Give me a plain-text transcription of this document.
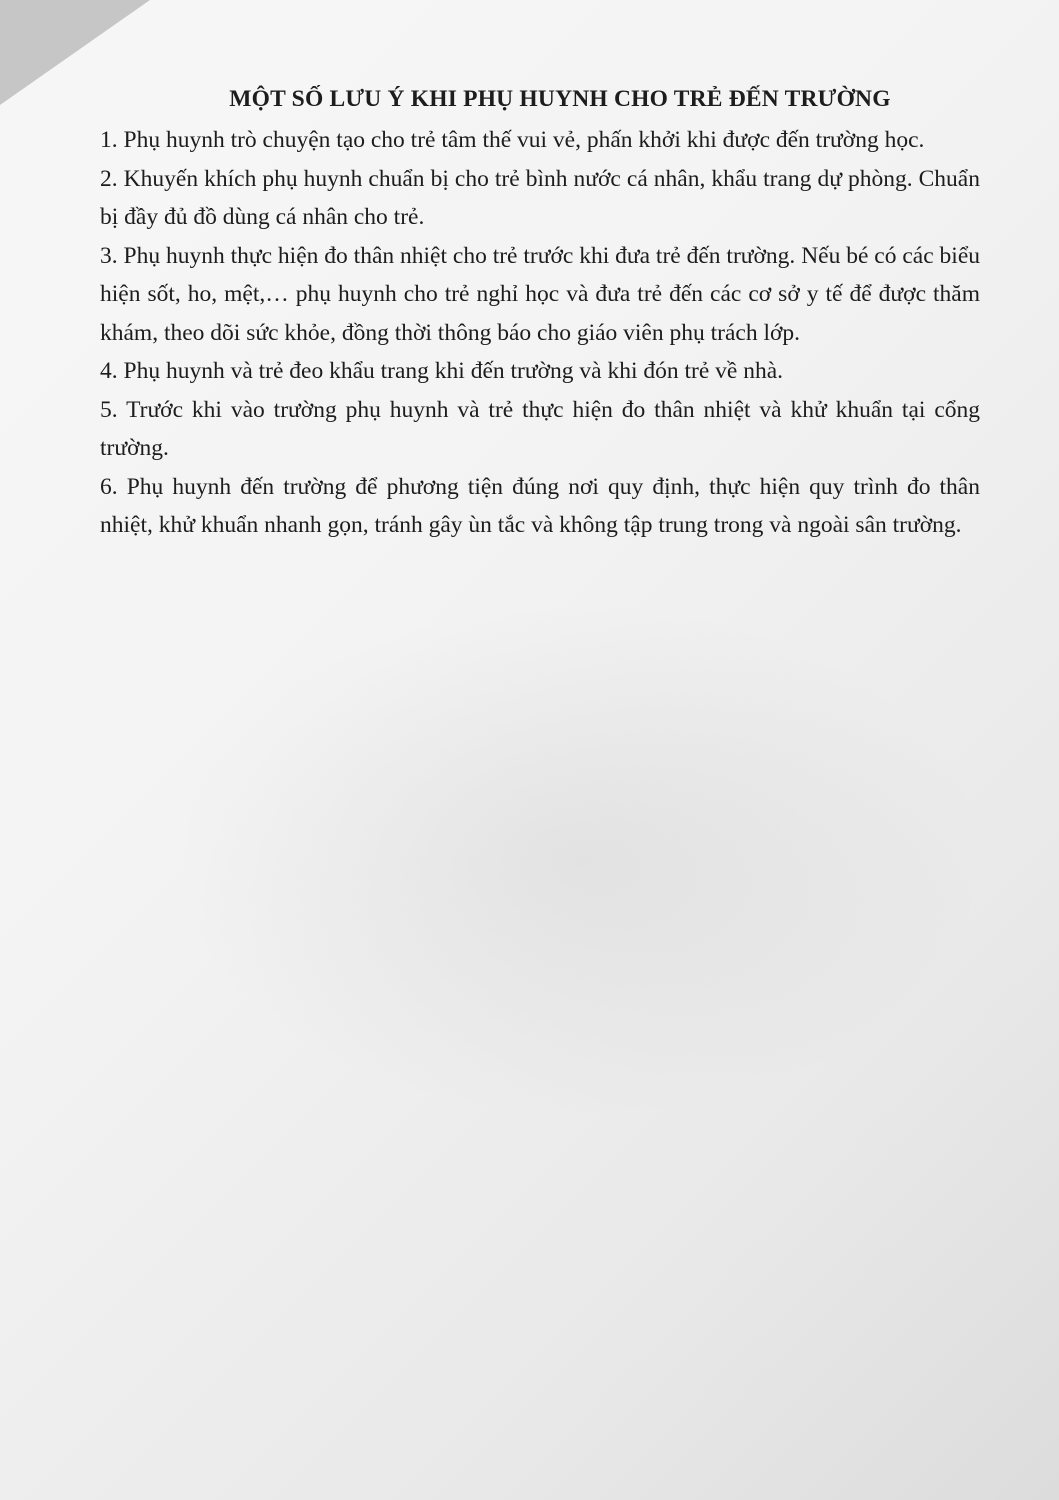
MỘT SỐ LƯU Ý KHI PHỤ HUYNH CHO TRẺ ĐẾN TRƯỜNG

1. Phụ huynh trò chuyện tạo cho trẻ tâm thế vui vẻ, phấn khởi khi được đến trường học.

2. Khuyến khích phụ huynh chuẩn bị cho trẻ bình nước cá nhân, khẩu trang dự phòng. Chuẩn bị đầy đủ đồ dùng cá nhân cho trẻ.

3. Phụ huynh thực hiện đo thân nhiệt cho trẻ trước khi đưa trẻ đến trường. Nếu bé có các biểu hiện sốt, ho, mệt,… phụ huynh cho trẻ nghỉ học và đưa trẻ đến các cơ sở y tế để được thăm khám, theo dõi sức khỏe, đồng thời thông báo cho giáo viên phụ trách lớp.

4. Phụ huynh và trẻ đeo khẩu trang khi đến trường và khi đón trẻ về nhà.

5. Trước khi vào trường phụ huynh và trẻ thực hiện đo thân nhiệt và khử khuẩn tại cổng trường.

6. Phụ huynh đến trường để phương tiện đúng nơi quy định, thực hiện quy trình đo thân nhiệt, khử khuẩn nhanh gọn, tránh gây ùn tắc và không tập trung trong và ngoài sân trường.
